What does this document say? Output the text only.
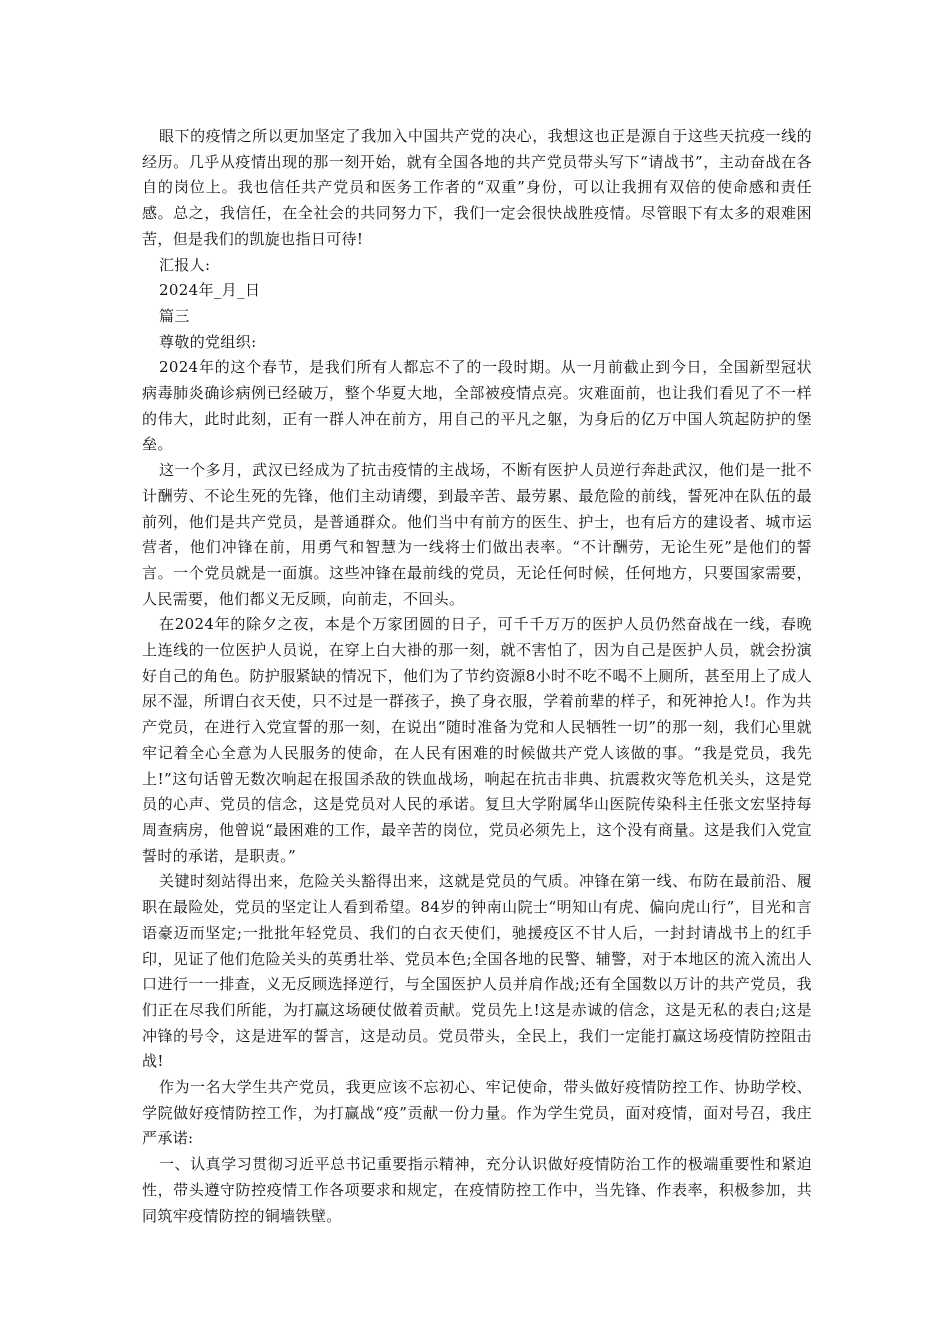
眼下的疫情之所以更加坚定了我加入中国共产党的决心，我想这也正是源自于这些天抗疫一线的经历。几乎从疫情出现的那一刻开始，就有全国各地的共产党员带头写下“请战书”，主动奋战在各自的岗位上。我也信任共产党员和医务工作者的“双重”身份，可以让我拥有双倍的使命感和责任感。总之，我信任，在全社会的共同努力下，我们一定会很快战胜疫情。尽管眼下有太多的艰难困苦，但是我们的凯旋也指日可待!

汇报人:

2024年_月_日

篇三

尊敬的党组织:

2024年的这个春节，是我们所有人都忘不了的一段时期。从一月前截止到今日，全国新型冠状病毒肺炎确诊病例已经破万，整个华夏大地，全部被疫情点亮。灾难面前，也让我们看见了不一样的伟大，此时此刻，正有一群人冲在前方，用自己的平凡之躯，为身后的亿万中国人筑起防护的堡垒。

这一个多月，武汉已经成为了抗击疫情的主战场，不断有医护人员逆行奔赴武汉，他们是一批不计酬劳、不论生死的先锋，他们主动请缨，到最辛苦、最劳累、最危险的前线，誓死冲在队伍的最前列，他们是共产党员，是普通群众。他们当中有前方的医生、护士，也有后方的建设者、城市运营者，他们冲锋在前，用勇气和智慧为一线将士们做出表率。“不计酬劳，无论生死”是他们的誓言。一个党员就是一面旗。这些冲锋在最前线的党员，无论任何时候，任何地方，只要国家需要，人民需要，他们都义无反顾，向前走，不回头。

在2024年的除夕之夜，本是个万家团圆的日子，可千千万万的医护人员仍然奋战在一线，春晚上连线的一位医护人员说，在穿上白大褂的那一刻，就不害怕了，因为自己是医护人员，就会扮演好自己的角色。防护服紧缺的情况下，他们为了节约资源8小时不吃不喝不上厕所，甚至用上了成人尿不湿，所谓白衣天使，只不过是一群孩子，换了身衣服，学着前辈的样子，和死神抢人!。作为共产党员，在进行入党宣誓的那一刻，在说出“随时准备为党和人民牺牲一切”的那一刻，我们心里就牢记着全心全意为人民服务的使命，在人民有困难的时候做共产党人该做的事。“我是党员，我先上!”这句话曾无数次响起在报国杀敌的铁血战场，响起在抗击非典、抗震救灾等危机关头，这是党员的心声、党员的信念，这是党员对人民的承诺。复旦大学附属华山医院传染科主任张文宏坚持每周查病房，他曾说“最困难的工作，最辛苦的岗位，党员必须先上，这个没有商量。这是我们入党宣誓时的承诺，是职责。”

关键时刻站得出来，危险关头豁得出来，这就是党员的气质。冲锋在第一线、布防在最前沿、履职在最险处，党员的坚定让人看到希望。84岁的钟南山院士“明知山有虎、偏向虎山行”，目光和言语豪迈而坚定;一批批年轻党员、我们的白衣天使们，驰援疫区不甘人后，一封封请战书上的红手印，见证了他们危险关头的英勇壮举、党员本色;全国各地的民警、辅警，对于本地区的流入流出人口进行一一排查，义无反顾选择逆行，与全国医护人员并肩作战;还有全国数以万计的共产党员，我们正在尽我们所能，为打赢这场硬仗做着贡献。党员先上!这是赤诚的信念，这是无私的表白;这是冲锋的号令，这是进军的誓言，这是动员。党员带头，全民上，我们一定能打赢这场疫情防控阻击战!

作为一名大学生共产党员，我更应该不忘初心、牢记使命，带头做好疫情防控工作、协助学校、学院做好疫情防控工作，为打赢战“疫”贡献一份力量。作为学生党员，面对疫情，面对号召，我庄严承诺:

一、认真学习贯彻习近平总书记重要指示精神，充分认识做好疫情防治工作的极端重要性和紧迫性，带头遵守防控疫情工作各项要求和规定，在疫情防控工作中，当先锋、作表率，积极参加，共同筑牢疫情防控的铜墙铁壁。
